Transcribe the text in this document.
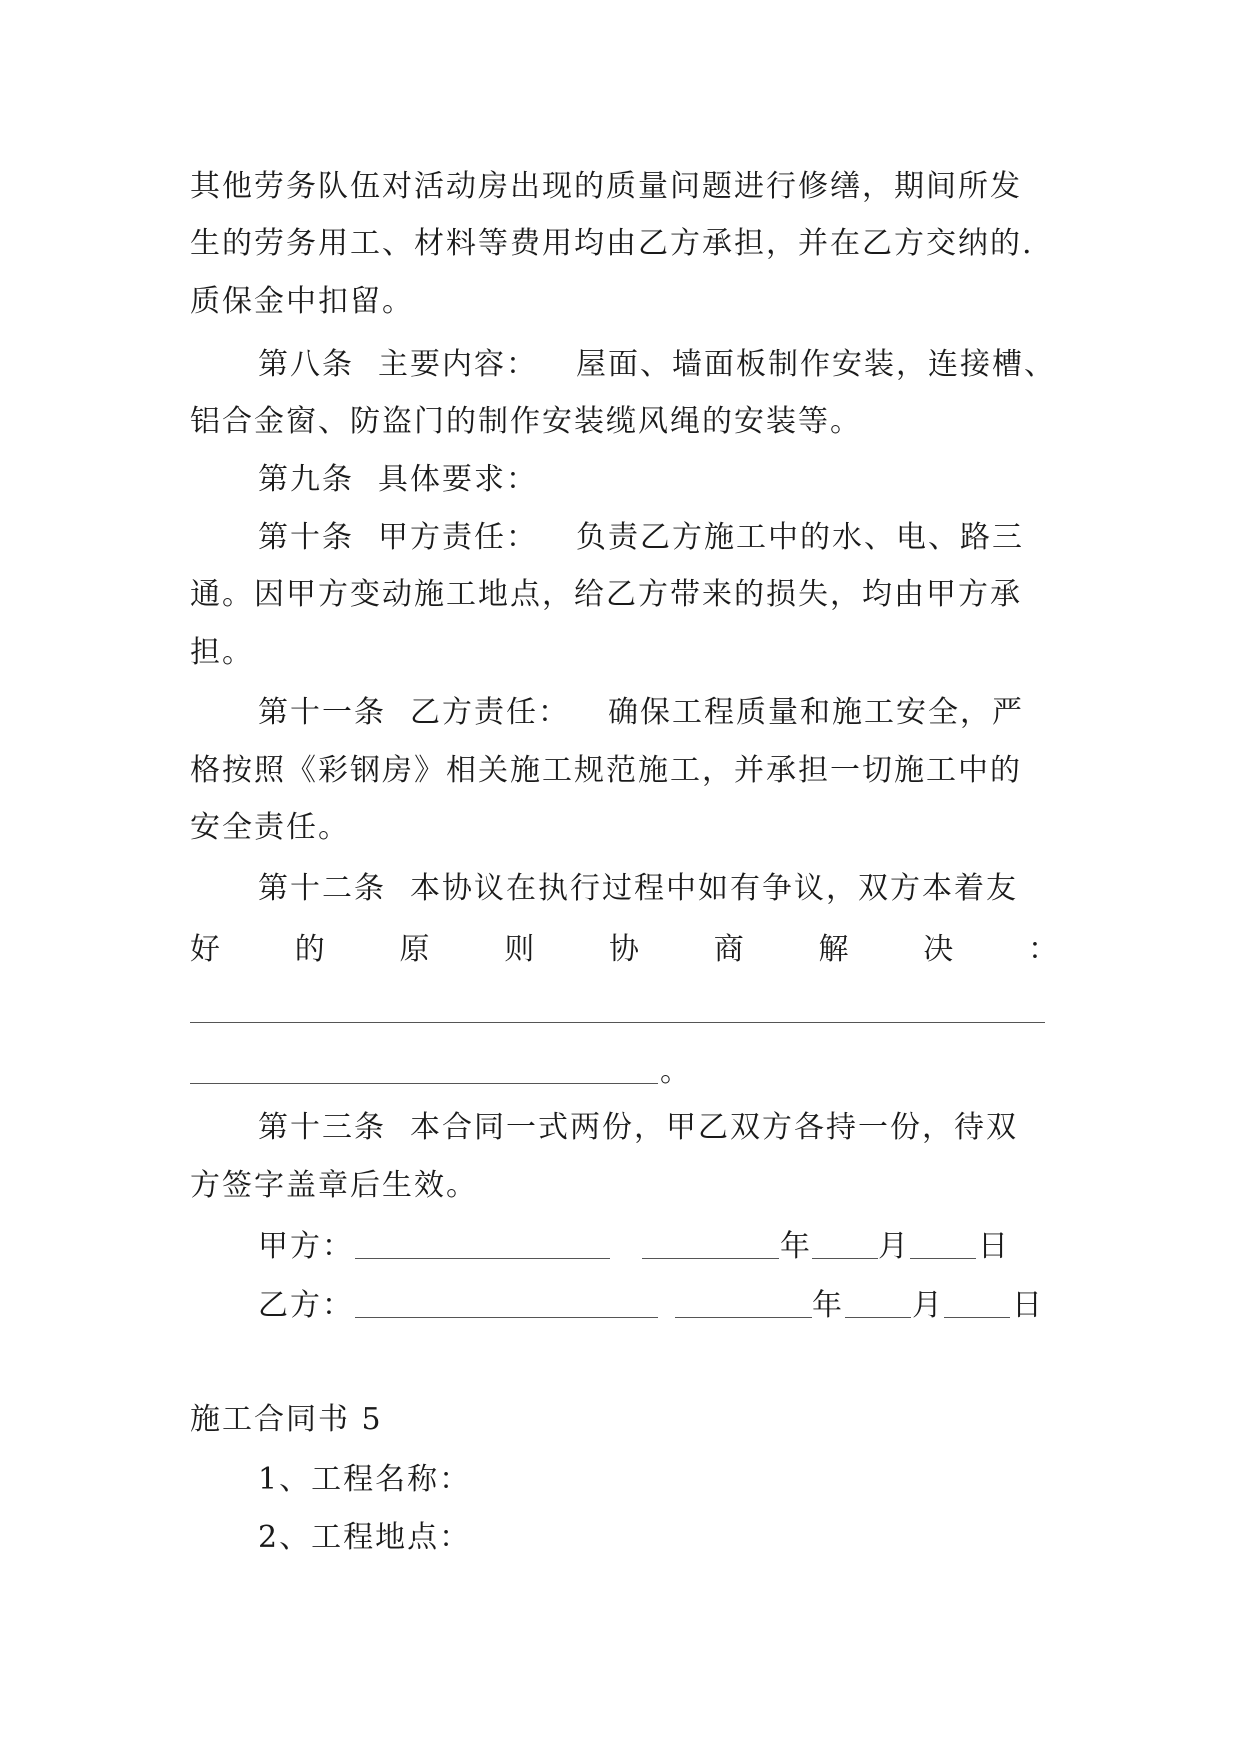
其他劳务队伍对活动房出现的质量问题进行修缮，期间所发
生的劳务用工、材料等费用均由乙方承担，并在乙方交纳的.
质保金中扣留。
第八条 主要内容： 屋面、墙面板制作安装，连接槽、
铝合金窗、防盗门的制作安装缆风绳的安装等。
第九条 具体要求：
第十条 甲方责任： 负责乙方施工中的水、电、路三
通。因甲方变动施工地点，给乙方带来的损失，均由甲方承
担。
第十一条 乙方责任： 确保工程质量和施工安全，严
格按照《彩钢房》相关施工规范施工，并承担一切施工中的
安全责任。
第十二条 本协议在执行过程中如有争议，双方本着友
好 的 原 则 协 商 解 决 ：
。
第十三条 本合同一式两份，甲乙双方各持一份，待双
方签字盖章后生效。
甲方：	年 月 日
乙方：	年 月 日
施工合同书 5
1、工程名称：
2、工程地点：
